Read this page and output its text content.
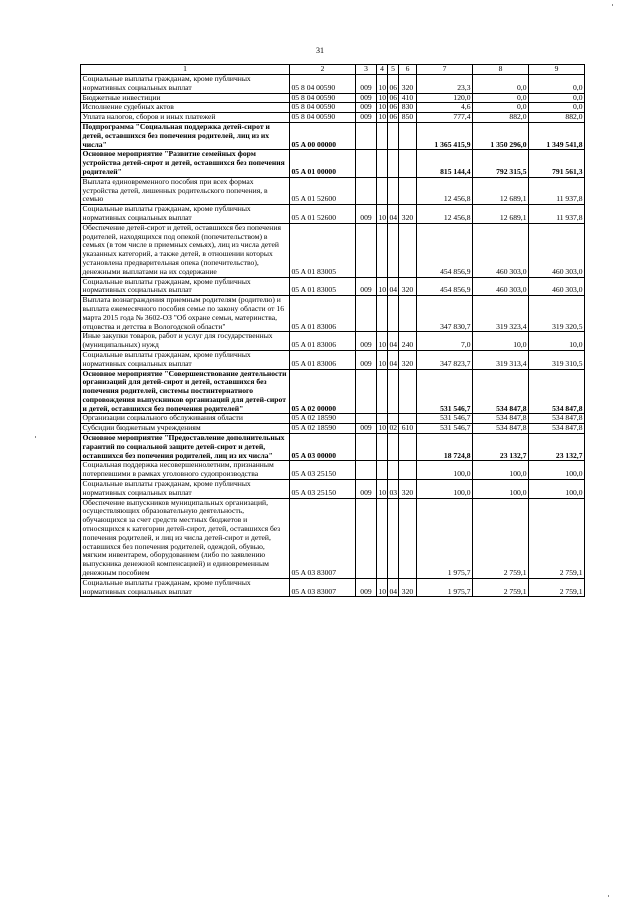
31
1	2	3	4	5	6	7	8	9
Социальные выплаты гражданам, кроме публичных нормативных социальных выплат	05 8 04 00590	009	10	06	320	23,3	0,0	0,0
Бюджетные инвестиции	05 8 04 00590	009	10	06	410	120,0	0,0	0,0
Исполнение судебных актов	05 8 04 00590	009	10	06	830	4,6	0,0	0,0
Уплата налогов, сборов и иных платежей	05 8 04 00590	009	10	06	850	777,4	882,0	882,0
Подпрограмма "Социальная поддержка детей-сирот и детей, оставшихся без попечения родителей, лиц из их числа"	05 A 00 00000					1 365 415,9	1 350 296,0	1 349 541,8
Основное мероприятие "Развитие семейных форм устройства детей-сирот и детей, оставшихся без попечения родителей"	05 A 01 00000					815 144,4	792 315,5	791 561,3
Выплата единовременного пособия при всех формах устройства детей, лишенных родительского попечения, в семью	05 A 01 52600					12 456,8	12 689,1	11 937,8
Социальные выплаты гражданам, кроме публичных нормативных социальных выплат	05 A 01 52600	009	10	04	320	12 456,8	12 689,1	11 937,8
Обеспечение детей-сирот и детей, оставшихся без попечения родителей, находящихся под опекой (попечительством) в семьях (в том числе в приемных семьях), лиц из числа детей указанных категорий, а также детей, в отношении которых установлена предварительная опека (попечительство), денежными выплатами на их содержание	05 A 01 83005					454 856,9	460 303,0	460 303,0
Социальные выплаты гражданам, кроме публичных нормативных социальных выплат	05 A 01 83005	009	10	04	320	454 856,9	460 303,0	460 303,0
Выплата вознаграждения приемным родителям (родителю) и выплата ежемесячного пособия семье по закону области от 16 марта 2015 года № 3602-ОЗ "Об охране семьи, материнства, отцовства и детства в Вологодской области"	05 A 01 83006					347 830,7	319 323,4	319 320,5
Иные закупки товаров, работ и услуг для государственных (муниципальных) нужд	05 A 01 83006	009	10	04	240	7,0	10,0	10,0
Социальные выплаты гражданам, кроме публичных нормативных социальных выплат	05 A 01 83006	009	10	04	320	347 823,7	319 313,4	319 310,5
Основное мероприятие "Совершенствование деятельности организаций для детей-сирот и детей, оставшихся без попечения родителей, системы постинтернатного сопровождения выпускников организаций для детей-сирот и детей, оставшихся без попечения родителей"	05 A 02 00000					531 546,7	534 847,8	534 847,8
Организации социального обслуживания области	05 A 02 18590					531 546,7	534 847,8	534 847,8
Субсидии бюджетным учреждениям	05 A 02 18590	009	10	02	610	531 546,7	534 847,8	534 847,8
Основное мероприятие "Предоставление дополнительных гарантий по социальной защите детей-сирот и детей, оставшихся без попечения родителей, лиц из их числа"	05 A 03 00000					18 724,8	23 132,7	23 132,7
Социальная поддержка несовершеннолетним, признанным потерпевшими в рамках уголовного судопроизводства	05 A 03 25150					100,0	100,0	100,0
Социальные выплаты гражданам, кроме публичных нормативных социальных выплат	05 A 03 25150	009	10	03	320	100,0	100,0	100,0
Обеспечение выпускников муниципальных организаций, осуществляющих образовательную деятельность, обучающихся за счет средств местных бюджетов и относящихся к категории детей-сирот, детей, оставшихся без попечения родителей, и лиц из числа детей-сирот и детей, оставшихся без попечения родителей, одеждой, обувью, мягким инвентарем, оборудованием (либо по заявлению выпускника денежной компенсацией) и единовременным денежным пособием	05 A 03 83007					1 975,7	2 759,1	2 759,1
Социальные выплаты гражданам, кроме публичных нормативных социальных выплат	05 A 03 83007	009	10	04	320	1 975,7	2 759,1	2 759,1
